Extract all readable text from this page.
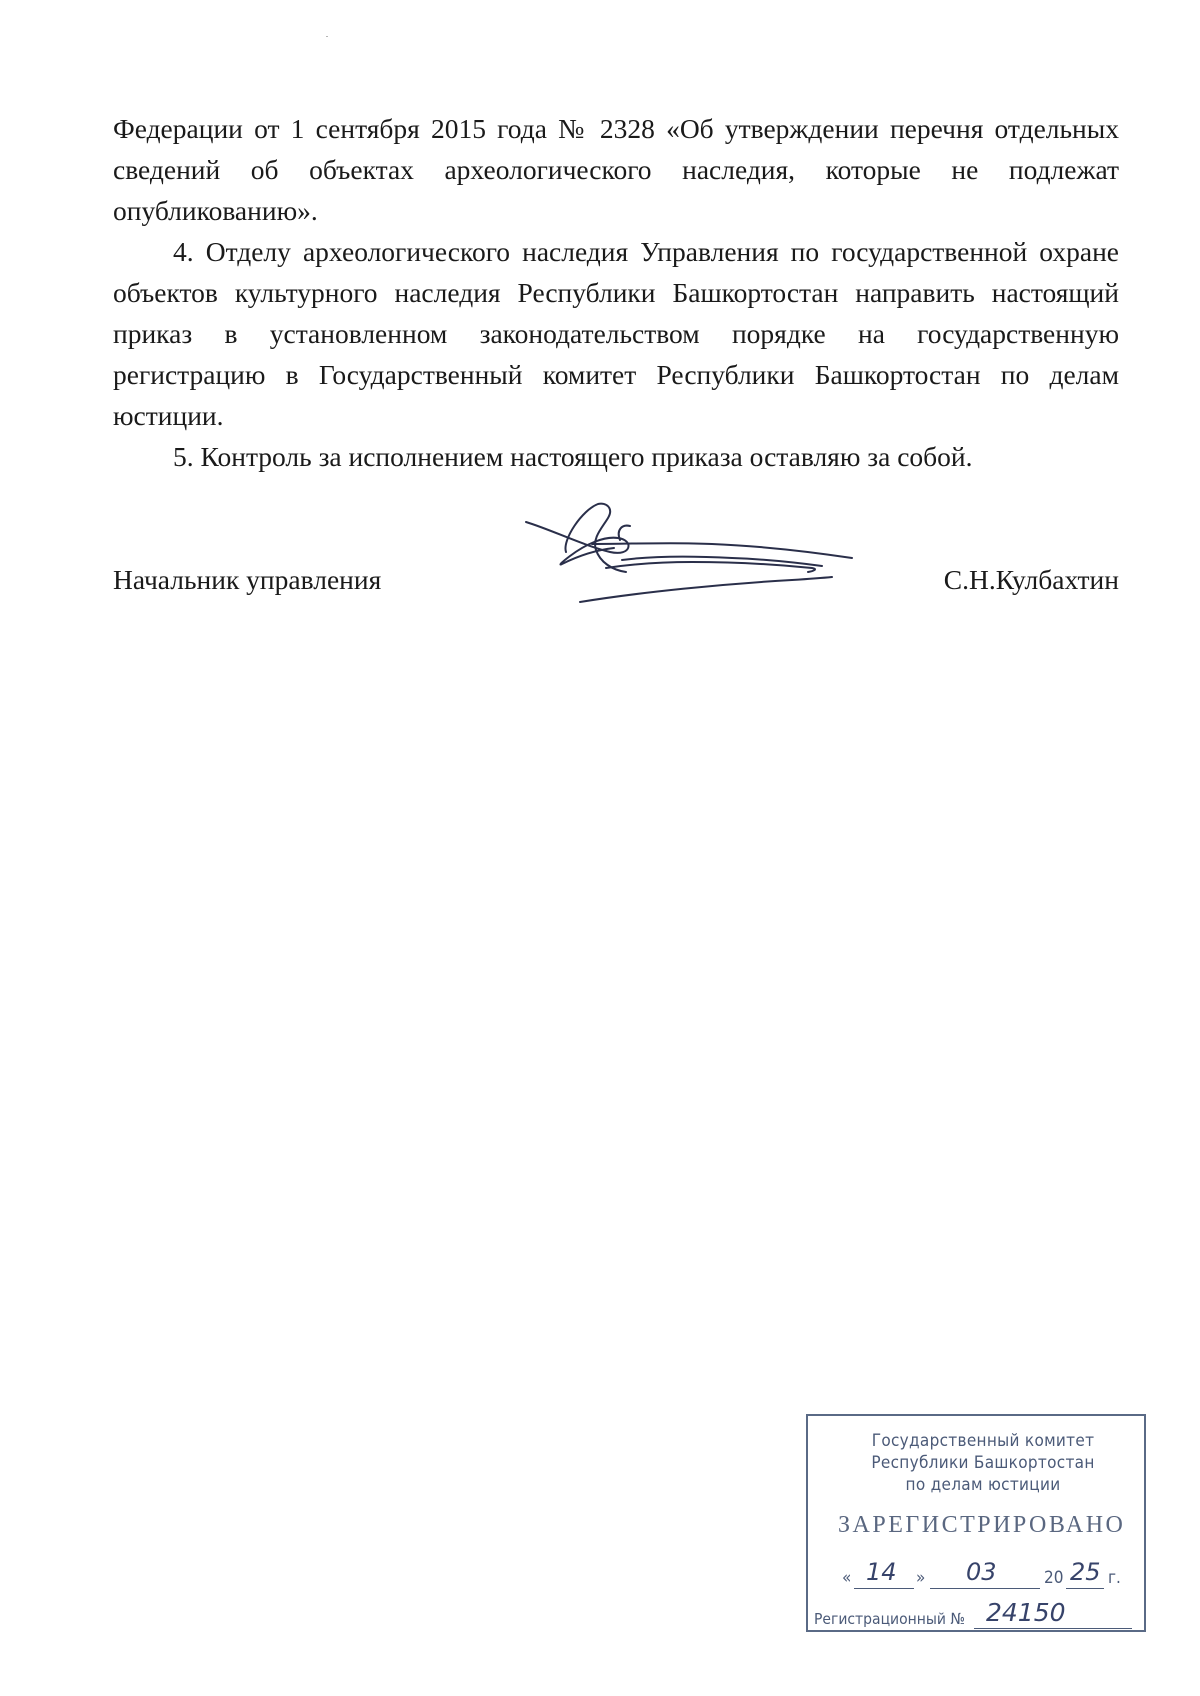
Федерации от 1 сентября 2015 года № 2328 «Об утверждении перечня отдельных сведений об объектах археологического наследия, которые не подлежат опубликованию».

4. Отделу археологического наследия Управления по государственной охране объектов культурного наследия Республики Башкортостан направить настоящий приказ в установленном законодательством порядке на государственную регистрацию в Государственный комитет Республики Башкортостан по делам юстиции.

5. Контроль за исполнением настоящего приказа оставляю за собой.

Начальник управления	С.Н.Кулбахтин
Государственный комитет
Республики Башкортостан
по делам юстиции
ЗАРЕГИСТРИРОВАНО
« 14 » 03	20 25 г.
Регистрационный № 24150
